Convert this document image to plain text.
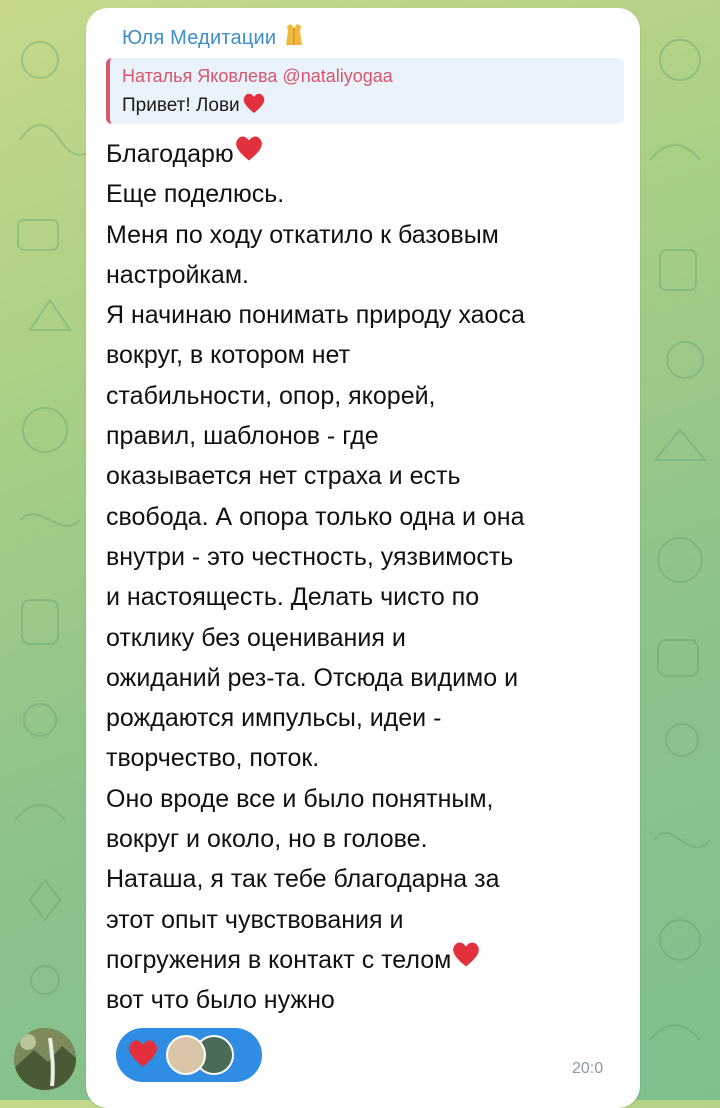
Юля Медитации
Наталья Яковлева @nataliyogaa
Привет! Лови
Благодарю
Еще поделюсь.
Меня по ходу откатило к базовым
настройкам.
Я начинаю понимать природу хаоса
вокруг, в котором нет
стабильности, опор, якорей,
правил, шаблонов - где
оказывается нет страха и есть
свобода. А опора только одна и она
внутри - это честность, уязвимость
и настоящесть. Делать чисто по
отклику без оценивания и
ожиданий рез-та. Отсюда видимо и
рождаются импульсы, идеи -
творчество, поток.
Оно вроде все и было понятным,
вокруг и около, но в голове.
Наташа, я так тебе благодарна за
этот опыт чувствования и
погружения в контакт с телом
вот что было нужно
20:0
